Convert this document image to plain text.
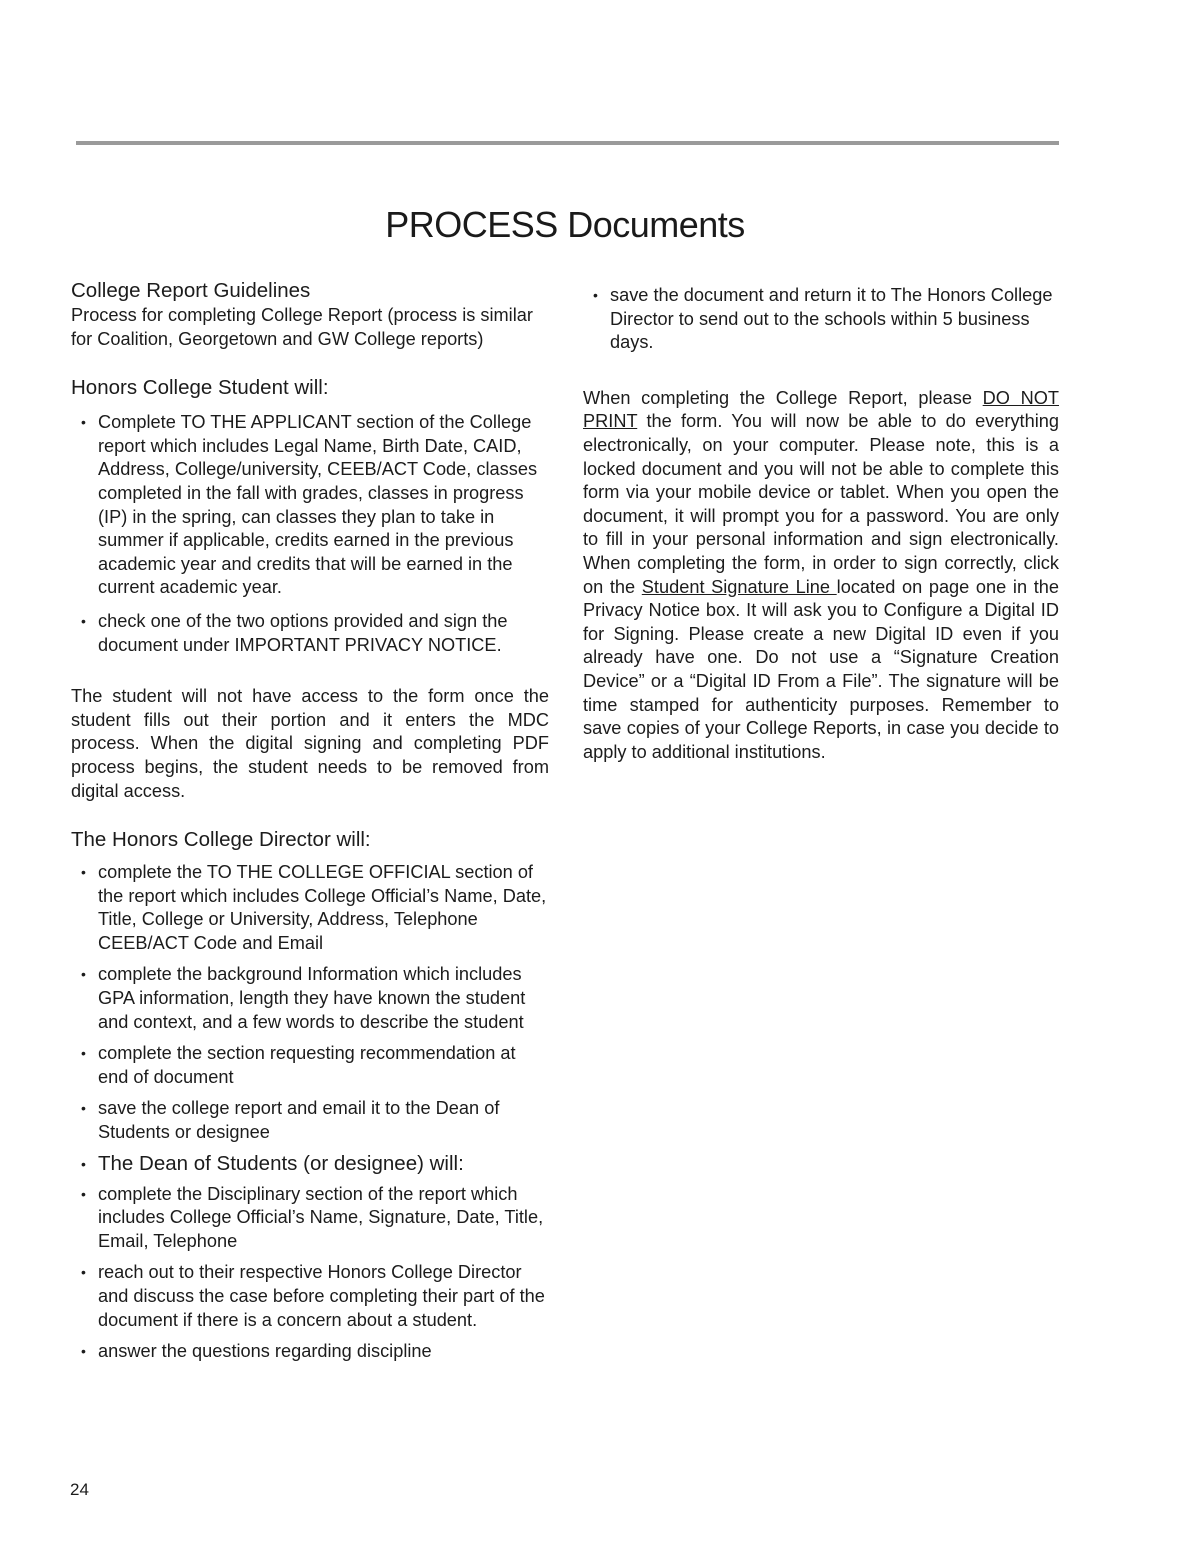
PROCESS Documents
College Report Guidelines

Process for completing College Report (process is similar for Coalition, Georgetown and GW College reports)

Honors College Student will:
• Complete TO THE APPLICANT section of the College report which includes Legal Name, Birth Date, CAID, Address, College/university, CEEB/ACT Code, classes completed in the fall with grades, classes in progress (IP) in the spring, can classes they plan to take in summer if applicable, credits earned in the previous academic year and credits that will be earned in the current academic year.
• check one of the two options provided and sign the document under IMPORTANT PRIVACY NOTICE.

The student will not have access to the form once the student fills out their portion and it enters the MDC process. When the digital signing and completing PDF process begins, the student needs to be removed from digital access.

The Honors College Director will:
• complete the TO THE COLLEGE OFFICIAL section of the report which includes College Official’s Name, Date, Title, College or University, Address, Telephone CEEB/ACT Code and Email
• complete the background Information which includes GPA information, length they have known the student and context, and a few words to describe the student
• complete the section requesting recommendation at end of document
• save the college report and email it to the Dean of Students or designee
• The Dean of Students (or designee) will:
• complete the Disciplinary section of the report which includes College Official’s Name, Signature, Date, Title, Email, Telephone
• reach out to their respective Honors College Director and discuss the case before completing their part of the document if there is a concern about a student.
• answer the questions regarding discipline
• save the document and return it to The Honors College Director to send out to the schools within 5 business days.

When completing the College Report, please DO NOT PRINT the form. You will now be able to do everything electronically, on your computer. Please note, this is a locked document and you will not be able to complete this form via your mobile device or tablet. When you open the document, it will prompt you for a password. You are only to fill in your personal information and sign electronically. When completing the form, in order to sign correctly, click on the Student Signature Line located on page one in the Privacy Notice box. It will ask you to Configure a Digital ID for Signing. Please create a new Digital ID even if you already have one. Do not use a “Signature Creation Device” or a “Digital ID From a File”. The signature will be time stamped for authenticity purposes. Remember to save copies of your College Reports, in case you decide to apply to additional institutions.

24
